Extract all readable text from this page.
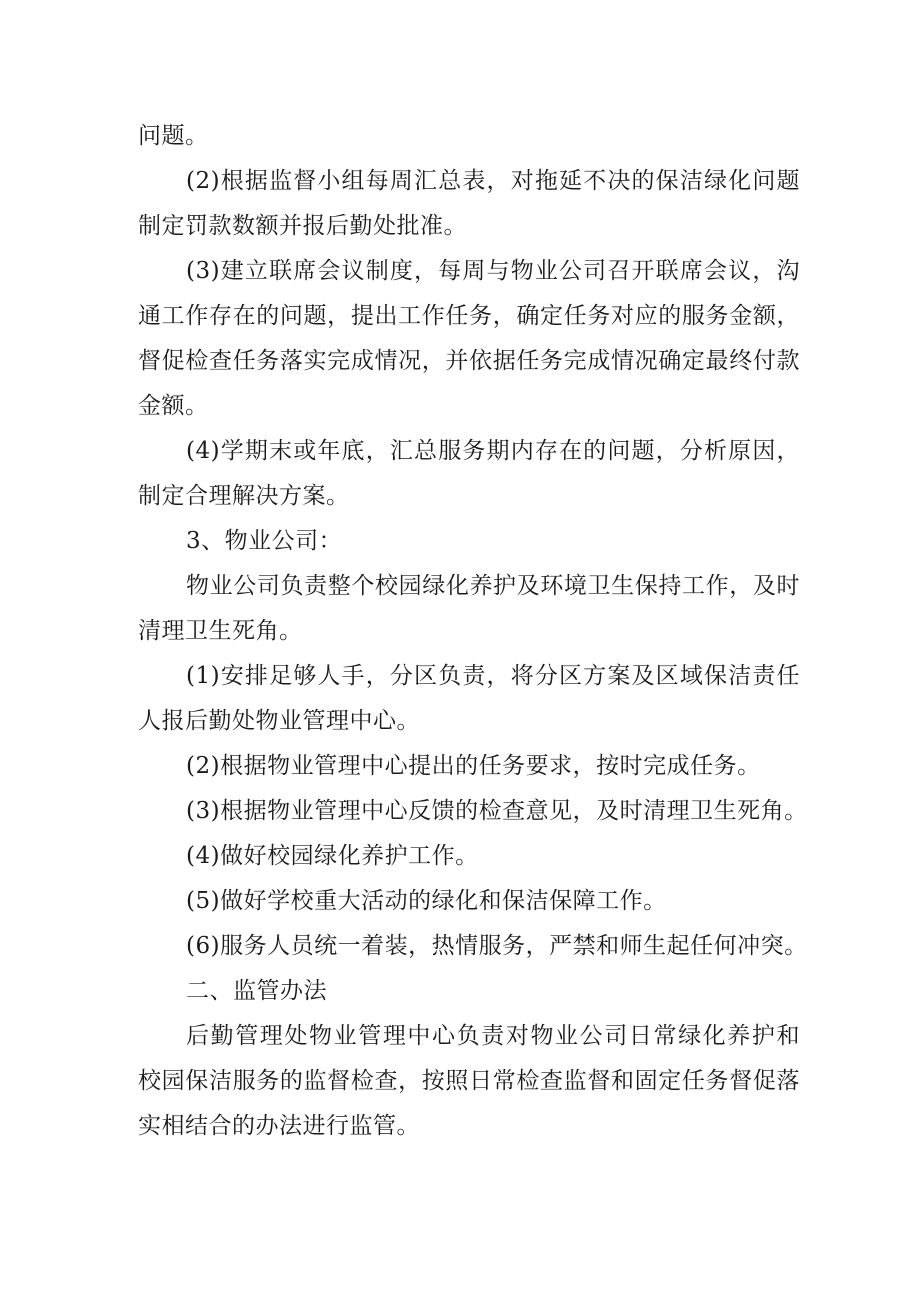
问题。
(2)根据监督小组每周汇总表，对拖延不决的保洁绿化问题
制定罚款数额并报后勤处批准。
(3)建立联席会议制度，每周与物业公司召开联席会议，沟
通工作存在的问题，提出工作任务，确定任务对应的服务金额，
督促检查任务落实完成情况，并依据任务完成情况确定最终付款
金额。
(4)学期末或年底，汇总服务期内存在的问题，分析原因，
制定合理解决方案。
3、物业公司：
物业公司负责整个校园绿化养护及环境卫生保持工作，及时
清理卫生死角。
(1)安排足够人手，分区负责，将分区方案及区域保洁责任
人报后勤处物业管理中心。
(2)根据物业管理中心提出的任务要求，按时完成任务。
(3)根据物业管理中心反馈的检查意见，及时清理卫生死角。
(4)做好校园绿化养护工作。
(5)做好学校重大活动的绿化和保洁保障工作。
(6)服务人员统一着装，热情服务，严禁和师生起任何冲突。
二、监管办法
后勤管理处物业管理中心负责对物业公司日常绿化养护和
校园保洁服务的监督检查，按照日常检查监督和固定任务督促落
实相结合的办法进行监管。
